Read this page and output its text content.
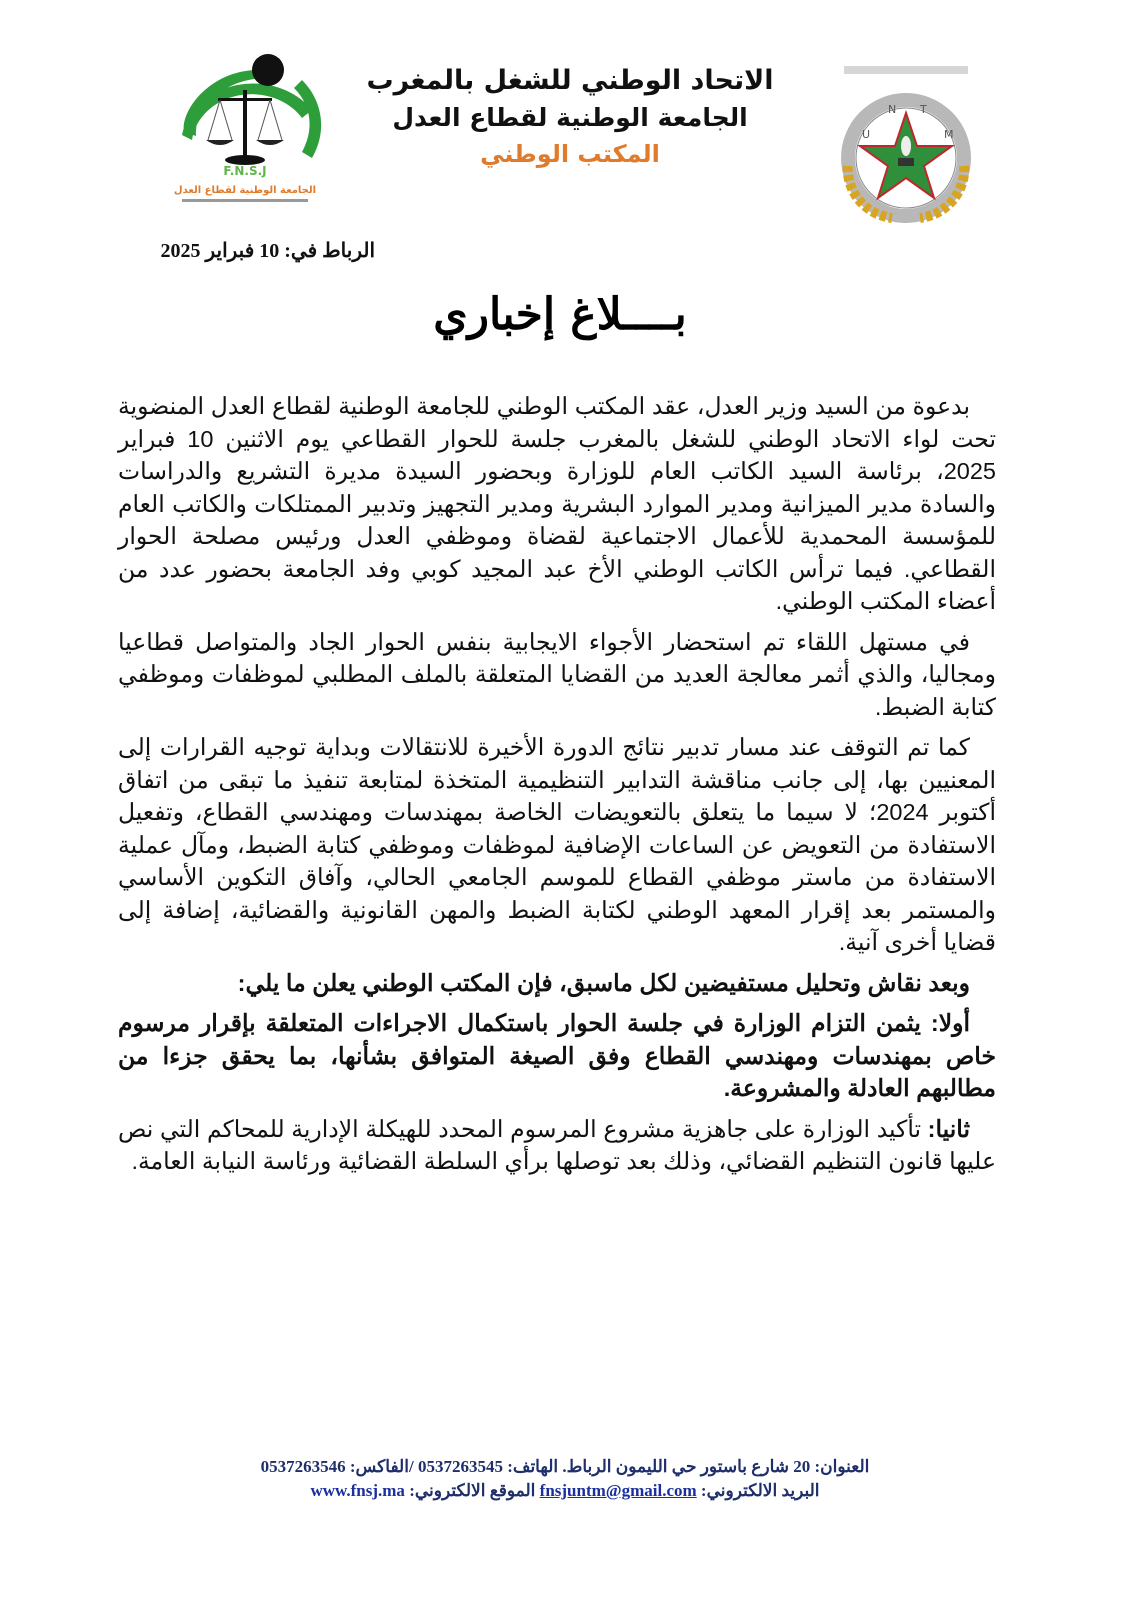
F.N.S.J
الجامعة الوطنية لقطاع العدل
U
N T
M
الاتحاد الوطني للشغل بالمغرب
الجامعة الوطنية لقطاع العدل
المكتب الوطني
الرباط في: 10 فبراير 2025
بــــلاغ إخباري

بدعوة من السيد وزير العدل، عقد المكتب الوطني للجامعة الوطنية لقطاع العدل المنضوية تحت لواء الاتحاد الوطني للشغل بالمغرب جلسة للحوار القطاعي يوم الاثنين 10 فبراير 2025، برئاسة السيد الكاتب العام للوزارة وبحضور السيدة مديرة التشريع والدراسات والسادة مدير الميزانية ومدير الموارد البشرية ومدير التجهيز وتدبير الممتلكات والكاتب العام للمؤسسة المحمدية للأعمال الاجتماعية لقضاة وموظفي العدل ورئيس مصلحة الحوار القطاعي. فيما ترأس الكاتب الوطني الأخ عبد المجيد كوبي وفد الجامعة بحضور عدد من أعضاء المكتب الوطني.

في مستهل اللقاء تم استحضار الأجواء الايجابية بنفس الحوار الجاد والمتواصل قطاعيا ومجاليا، والذي أثمر معالجة العديد من القضايا المتعلقة بالملف المطلبي لموظفات وموظفي كتابة الضبط.

كما تم التوقف عند مسار تدبير نتائج الدورة الأخيرة للانتقالات وبداية توجيه القرارات إلى المعنيين بها، إلى جانب مناقشة التدابير التنظيمية المتخذة لمتابعة تنفيذ ما تبقى من اتفاق أكتوبر 2024؛ لا سيما ما يتعلق بالتعويضات الخاصة بمهندسات ومهندسي القطاع، وتفعيل الاستفادة من التعويض عن الساعات الإضافية لموظفات وموظفي كتابة الضبط، ومآل عملية الاستفادة من ماستر موظفي القطاع للموسم الجامعي الحالي، وآفاق التكوين الأساسي والمستمر بعد إقرار المعهد الوطني لكتابة الضبط والمهن القانونية والقضائية، إضافة إلى قضايا أخرى آنية.

وبعد نقاش وتحليل مستفيضين لكل ماسبق، فإن المكتب الوطني يعلن ما يلي:

أولا: يثمن التزام الوزارة في جلسة الحوار باستكمال الاجراءات المتعلقة بإقرار مرسوم خاص بمهندسات ومهندسي القطاع وفق الصيغة المتوافق بشأنها، بما يحقق جزءا من مطالبهم العادلة والمشروعة.

ثانيا: تأكيد الوزارة على جاهزية مشروع المرسوم المحدد للهيكلة الإدارية للمحاكم التي نص عليها قانون التنظيم القضائي، وذلك بعد توصلها برأي السلطة القضائية ورئاسة النيابة العامة.

العنوان: 20 شارع باستور حي الليمون الرباط. الهاتف: 0537263545 /الفاكس: 0537263546
البريد الالكتروني: fnsjuntm@gmail.com الموقع الالكتروني: www.fnsj.ma
